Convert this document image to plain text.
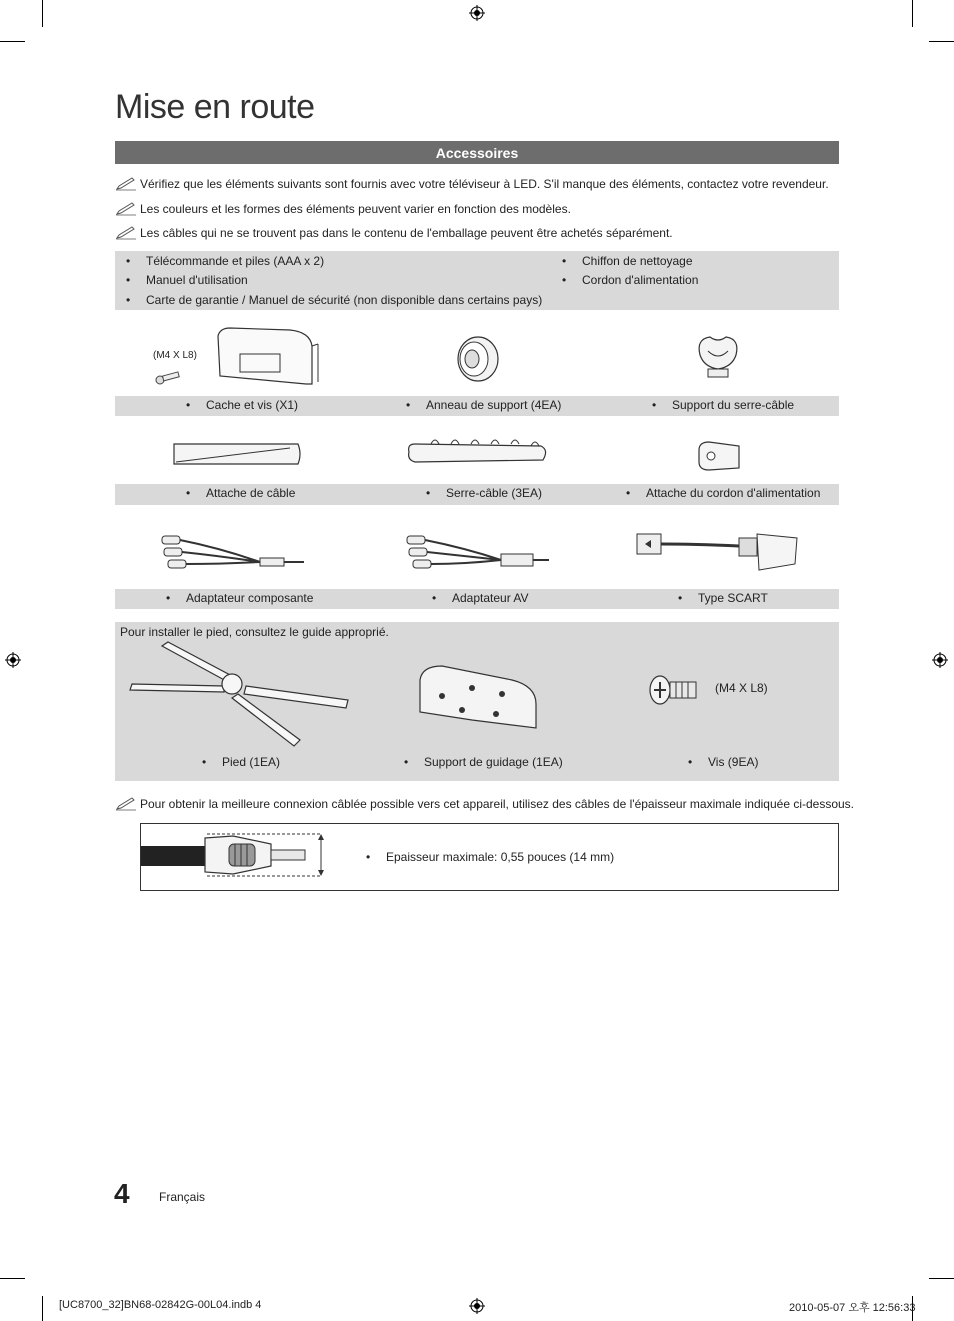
Mise en route
Accessoires
Vérifiez que les éléments suivants sont fournis avec votre téléviseur à LED. S'il manque des éléments, contactez votre revendeur.
Les couleurs et les formes des éléments peuvent varier en fonction des modèles.
Les câbles qui ne se trouvent pas dans le contenu de l'emballage peuvent être achetés séparément.
• Télécommande et piles (AAA x 2)
• Manuel d'utilisation
• Carte de garantie / Manuel de sécurité (non disponible dans certains pays)
• Chiffon de nettoyage
• Cordon d'alimentation
(M4 X L8)
• Cache et vis (X1)	• Anneau de support (4EA)	• Support du serre-câble
• Attache de câble	• Serre-câble (3EA)	• Attache du cordon d'alimentation
• Adaptateur composante	• Adaptateur AV	• Type SCART
Pour installer le pied, consultez le guide approprié.
(M4 X L8)
• Pied (1EA)	• Support de guidage (1EA)	• Vis (9EA)
Pour obtenir la meilleure connexion câblée possible vers cet appareil, utilisez des câbles de l'épaisseur maximale indiquée ci-dessous.
• Epaisseur maximale: 0,55 pouces (14 mm)
4 Français
[UC8700_32]BN68-02842G-00L04.indb 4	2010-05-07 오후 12:56:33
